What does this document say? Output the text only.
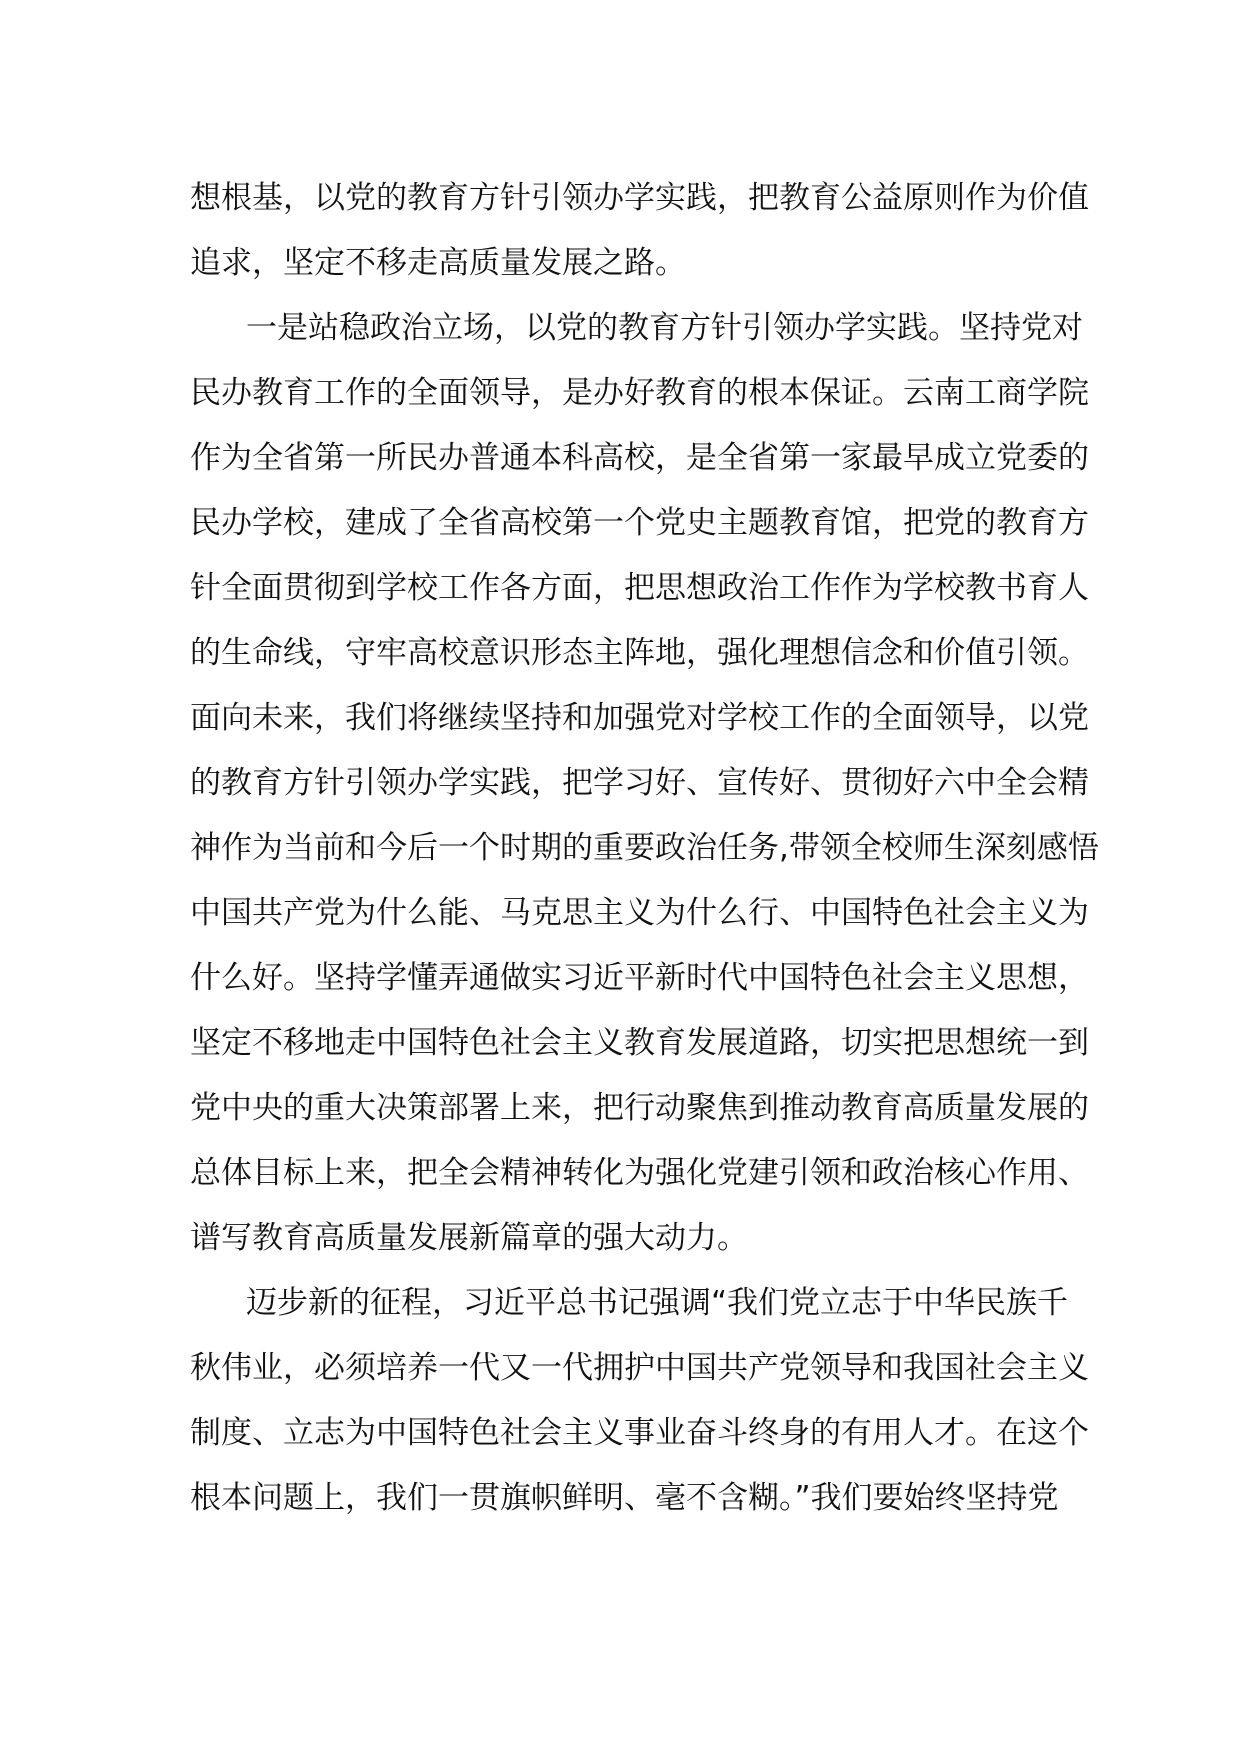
想根基，以党的教育方针引领办学实践，把教育公益原则作为价值
追求，坚定不移走高质量发展之路。
一是站稳政治立场，以党的教育方针引领办学实践。坚持党对
民办教育工作的全面领导，是办好教育的根本保证。云南工商学院
作为全省第一所民办普通本科高校，是全省第一家最早成立党委的
民办学校，建成了全省高校第一个党史主题教育馆，把党的教育方
针全面贯彻到学校工作各方面，把思想政治工作作为学校教书育人
的生命线，守牢高校意识形态主阵地，强化理想信念和价值引领。
面向未来，我们将继续坚持和加强党对学校工作的全面领导，以党
的教育方针引领办学实践，把学习好、宣传好、贯彻好六中全会精
神作为当前和今后一个时期的重要政治任务,带领全校师生深刻感悟
中国共产党为什么能、马克思主义为什么行、中国特色社会主义为
什么好。坚持学懂弄通做实习近平新时代中国特色社会主义思想，
坚定不移地走中国特色社会主义教育发展道路，切实把思想统一到
党中央的重大决策部署上来，把行动聚焦到推动教育高质量发展的
总体目标上来，把全会精神转化为强化党建引领和政治核心作用、
谱写教育高质量发展新篇章的强大动力。
迈步新的征程，习近平总书记强调“我们党立志于中华民族千
秋伟业，必须培养一代又一代拥护中国共产党领导和我国社会主义
制度、立志为中国特色社会主义事业奋斗终身的有用人才。在这个
根本问题上，我们一贯旗帜鲜明、毫不含糊。”我们要始终坚持党
